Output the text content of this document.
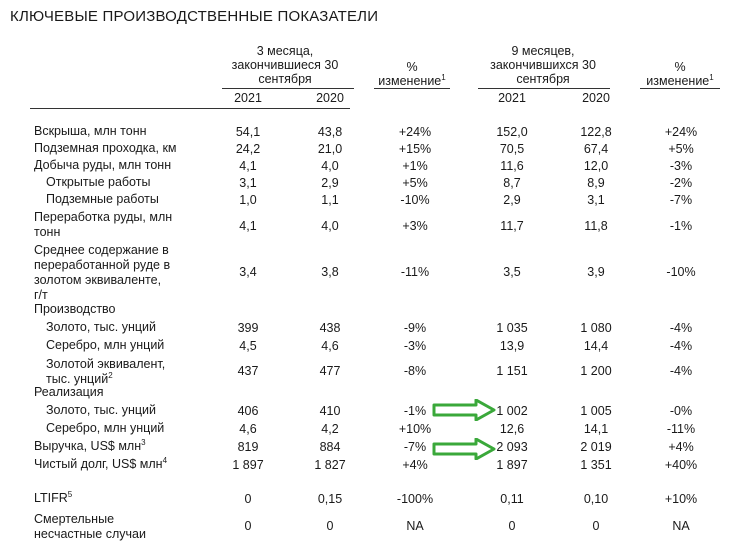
КЛЮЧЕВЫЕ ПРОИЗВОДСТВЕННЫЕ ПОКАЗАТЕЛИ
3 месяца,
закончившиеся 30
сентября
%
изменение$^1$
9 месяцев,
закончившихся 30
сентября
%
изменение$^1$
2021	2020	2021	2020
Вскрыша, млн тонн	54,1	43,8	+24%	152,0	122,8	+24%
Подземная проходка, км	24,2	21,0	+15%	70,5	67,4	+5%
Добыча руды, млн тонн	4,1	4,0	+1%	11,6	12,0	-3%
Открытые работы	3,1	2,9	+5%	8,7	8,9	-2%
Подземные работы	1,0	1,1	-10%	2,9	3,1	-7%
Переработка руды, млн
тонн	4,1	4,0	+3%	11,7	11,8	-1%
Среднее содержание в
переработанной руде в
золотом эквиваленте,
г/т
3,4	3,8	-11%	3,5	3,9	-10%
Производство
Золото, тыс. унций	399	438	-9%	1 035	1 080	-4%
Серебро, млн унций	4,5	4,6	-3%	13,9	14,4	-4%
Золотой эквивалент,
тыс. унций$^2$	437	477	-8%	1 151	1 200	-4%
Реализация
Золото, тыс. унций	406	410	-1%	1 002	1 005	-0%
Серебро, млн унций	4,6	4,2	+10%	12,6	14,1	-11%
Выручка, US$ млн$^3$	819	884	-7%	2 093	2 019	+4%
Чистый долг, US$ млн$^4$	1 897	1 827	+4%	1 897	1 351	+40%
LTIFR$^5$	0	0,15	-100%	0,11	0,10	+10%
Смертельные
несчастные случаи
0	0	NA	0	0	NA
